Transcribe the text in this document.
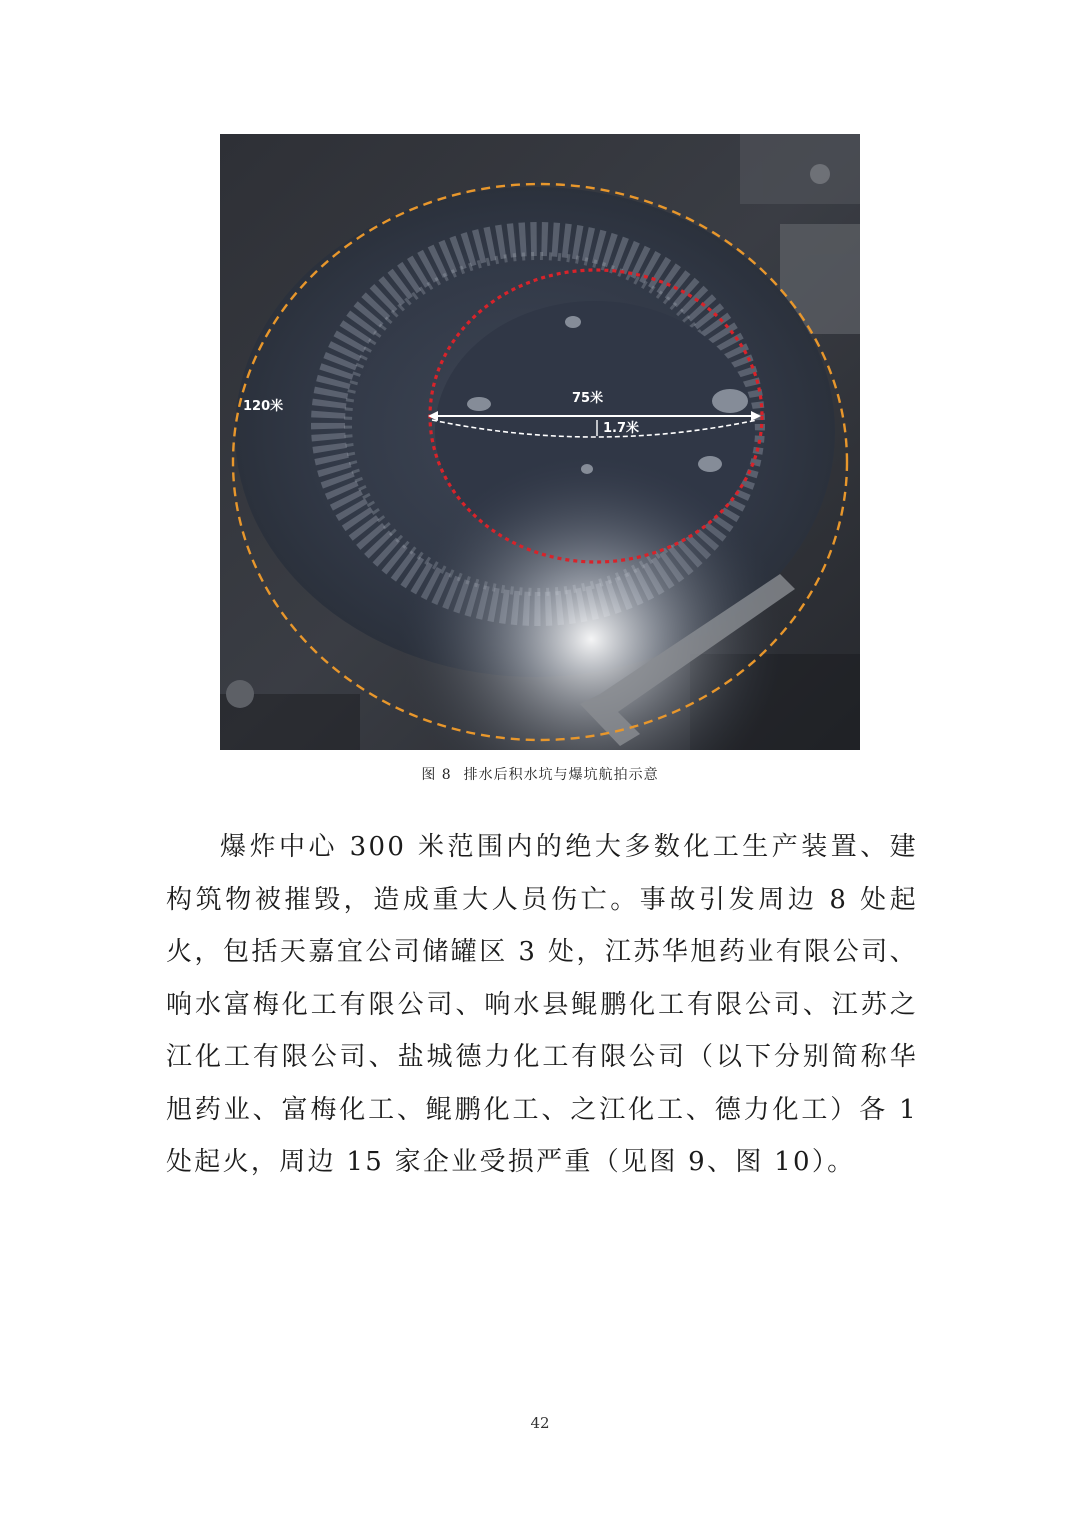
120米
75米
1.7米
图 8 排水后积水坑与爆坑航拍示意

爆炸中心 300 米范围内的绝大多数化工生产装置、建构筑物被摧毁，造成重大人员伤亡。事故引发周边 8 处起火，包括天嘉宜公司储罐区 3 处，江苏华旭药业有限公司、响水富梅化工有限公司、响水县鲲鹏化工有限公司、江苏之江化工有限公司、盐城德力化工有限公司（以下分别简称华旭药业、富梅化工、鲲鹏化工、之江化工、德力化工）各 1 处起火，周边 15 家企业受损严重（见图 9、图 10）。

42
